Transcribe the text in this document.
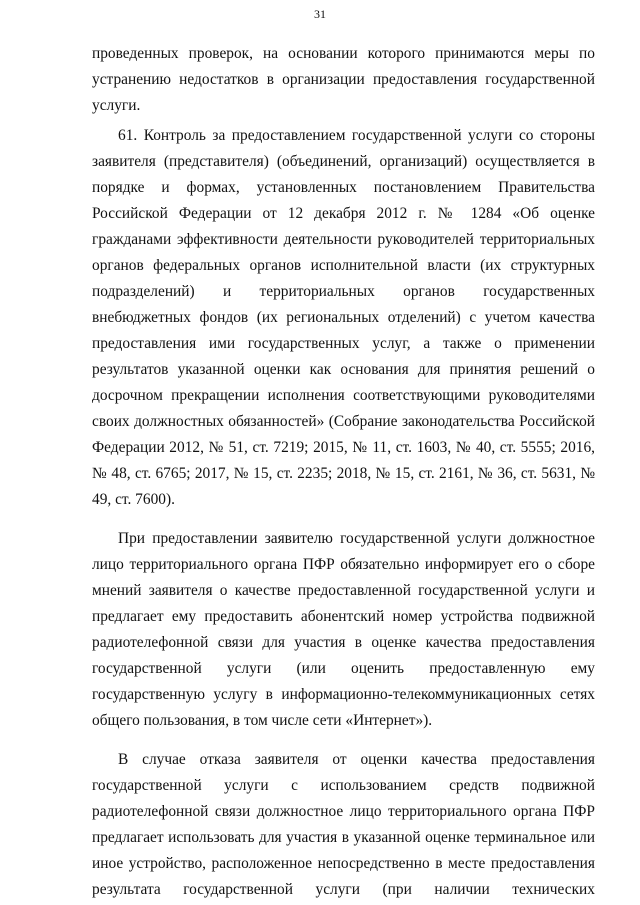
31

проведенных проверок, на основании которого принимаются меры по устранению недостатков в организации предоставления государственной услуги.

61. Контроль за предоставлением государственной услуги со стороны заявителя (представителя) (объединений, организаций) осуществляется в порядке и формах, установленных постановлением Правительства Российской Федерации от 12 декабря 2012 г. № 1284 «Об оценке гражданами эффективности деятельности руководителей территориальных органов федеральных органов исполнительной власти (их структурных подразделений) и территориальных органов государственных внебюджетных фондов (их региональных отделений) с учетом качества предоставления ими государственных услуг, а также о применении результатов указанной оценки как основания для принятия решений о досрочном прекращении исполнения соответствующими руководителями своих должностных обязанностей» (Собрание законодательства Российской Федерации 2012, № 51, ст. 7219; 2015, № 11, ст. 1603, № 40, ст. 5555; 2016, № 48, ст. 6765; 2017, № 15, ст. 2235; 2018, № 15, ст. 2161, № 36, ст. 5631, № 49, ст. 7600).

При предоставлении заявителю государственной услуги должностное лицо территориального органа ПФР обязательно информирует его о сборе мнений заявителя о качестве предоставленной государственной услуги и предлагает ему предоставить абонентский номер устройства подвижной радиотелефонной связи для участия в оценке качества предоставления государственной услуги (или оценить предоставленную ему государственную услугу в информационно-телекоммуникационных сетях общего пользования, в том числе сети «Интернет»).

В случае отказа заявителя от оценки качества предоставления государственной услуги с использованием средств подвижной радиотелефонной связи должностное лицо территориального органа ПФР предлагает использовать для участия в указанной оценке терминальное или иное устройство, расположенное непосредственно в месте предоставления результата государственной услуги (при наличии технических
